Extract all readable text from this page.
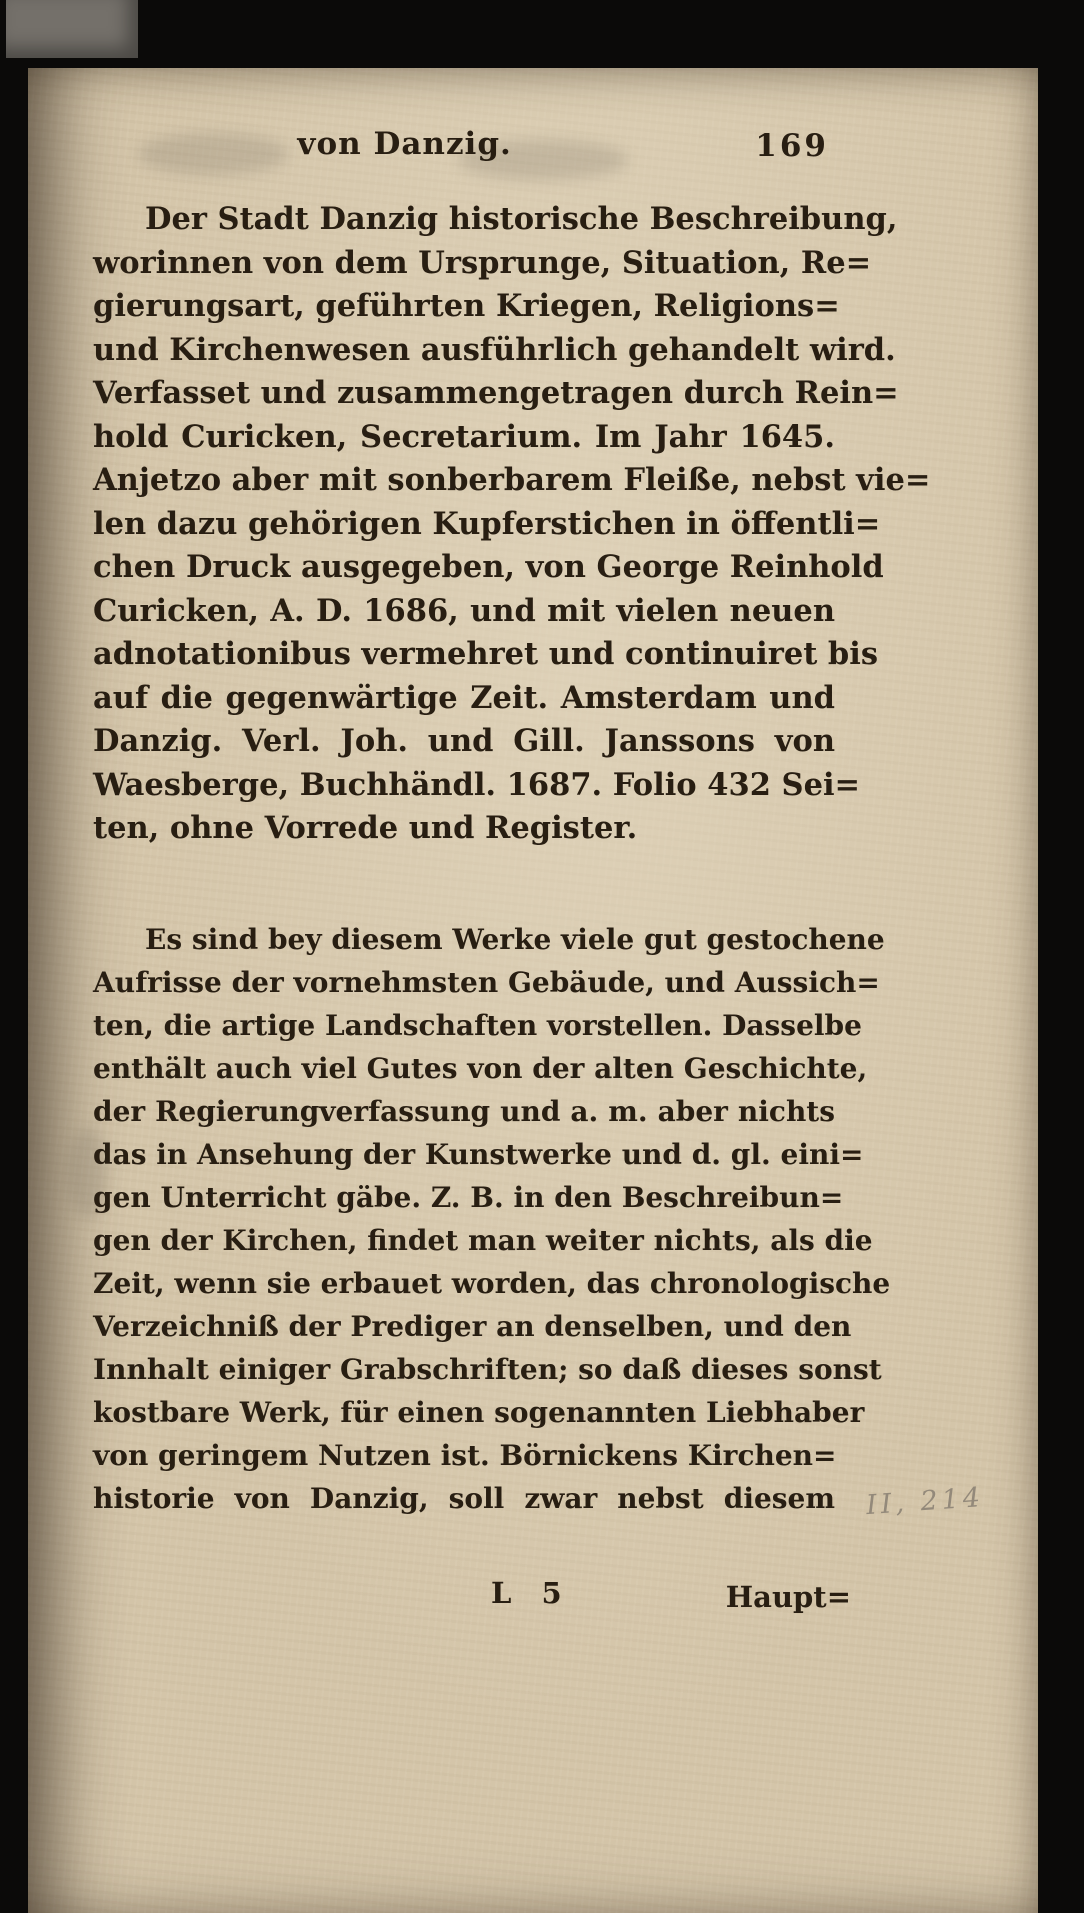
von Danzig.	169
Der Stadt Danzig historische Beschreibung,
worinnen von dem Ursprunge, Situation, Re=
gierungsart, geführten Kriegen, Religions=
und Kirchenwesen ausführlich gehandelt wird.
Verfasset und zusammengetragen durch Rein=
hold Curicken, Secretarium. Im Jahr 1645.
Anjetzo aber mit sonberbarem Fleiße, nebst vie=
len dazu gehörigen Kupferstichen in öffentli=
chen Druck ausgegeben, von George Reinhold
Curicken, A. D. 1686, und mit vielen neuen
adnotationibus vermehret und continuiret bis
auf die gegenwärtige Zeit. Amsterdam und
Danzig. Verl. Joh. und Gill. Janssons von
Waesberge, Buchhändl. 1687. Folio 432 Sei=
ten, ohne Vorrede und Register.
Es sind bey diesem Werke viele gut gestochene
Aufrisse der vornehmsten Gebäude, und Aussich=
ten, die artige Landschaften vorstellen. Dasselbe
enthält auch viel Gutes von der alten Geschichte,
der Regierungverfassung und a. m. aber nichts
das in Ansehung der Kunstwerke und d. gl. eini=
gen Unterricht gäbe. Z. B. in den Beschreibun=
gen der Kirchen, findet man weiter nichts, als die
Zeit, wenn sie erbauet worden, das chronologische
Verzeichniß der Prediger an denselben, und den
Innhalt einiger Grabschriften; so daß dieses sonst
kostbare Werk, für einen sogenannten Liebhaber
von geringem Nutzen ist. Börnickens Kirchen=
historie von Danzig, soll zwar nebst diesem
L 5	Haupt=
II, 214
